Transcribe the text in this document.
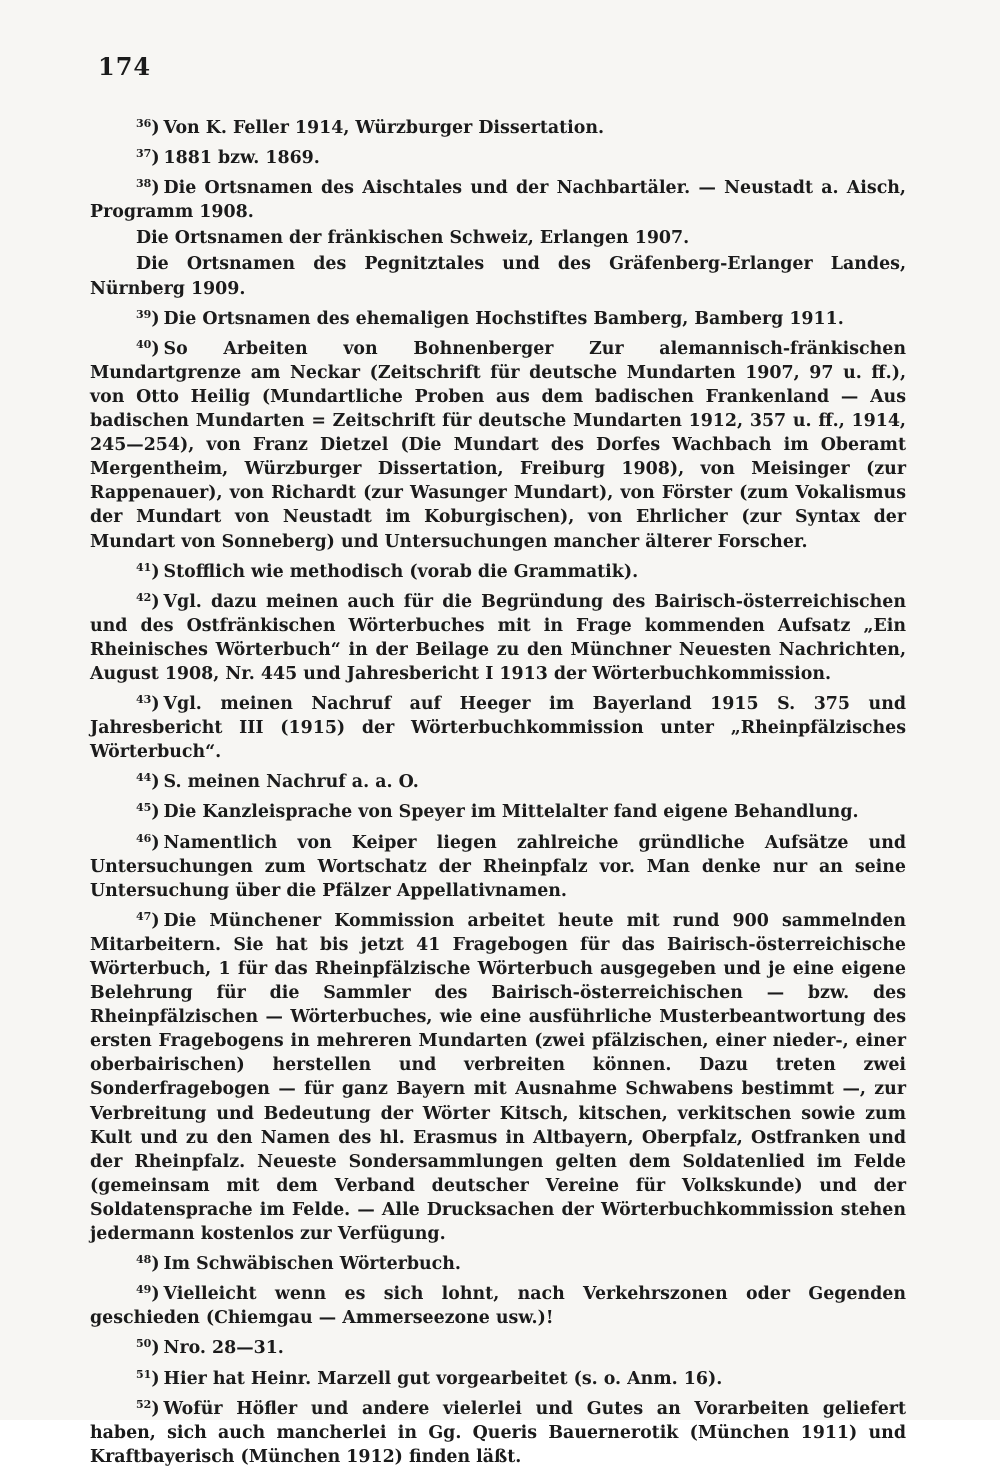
174

$^{36}$) Von K. Feller 1914, Würzburger Dissertation.

$^{37}$) 1881 bzw. 1869.

$^{38}$) Die Ortsnamen des Aischtales und der Nachbartäler. — Neustadt a. Aisch, Programm 1908.

Die Ortsnamen der fränkischen Schweiz, Erlangen 1907.

Die Ortsnamen des Pegnitztales und des Gräfenberg-Erlanger Landes, Nürnberg 1909.

$^{39}$) Die Ortsnamen des ehemaligen Hochstiftes Bamberg, Bamberg 1911.

$^{40}$) So Arbeiten von Bohnenberger Zur alemannisch-fränkischen Mundartgrenze am Neckar (Zeitschrift für deutsche Mundarten 1907, 97 u. ff.), von Otto Heilig (Mundartliche Proben aus dem badischen Frankenland — Aus badischen Mundarten = Zeitschrift für deutsche Mundarten 1912, 357 u. ff., 1914, 245—254), von Franz Dietzel (Die Mundart des Dorfes Wachbach im Oberamt Mergentheim, Würzburger Dissertation, Freiburg 1908), von Meisinger (zur Rappenauer), von Richardt (zur Wasunger Mundart), von Förster (zum Vokalismus der Mundart von Neustadt im Koburgischen), von Ehrlicher (zur Syntax der Mundart von Sonneberg) und Untersuchungen mancher älterer Forscher.

$^{41}$) Stofflich wie methodisch (vorab die Grammatik).

$^{42}$) Vgl. dazu meinen auch für die Begründung des Bairisch-österreichischen und des Ostfränkischen Wörterbuches mit in Frage kommenden Aufsatz „Ein Rheinisches Wörterbuch“ in der Beilage zu den Münchner Neuesten Nachrichten, August 1908, Nr. 445 und Jahresbericht I 1913 der Wörterbuchkommission.

$^{43}$) Vgl. meinen Nachruf auf Heeger im Bayerland 1915 S. 375 und Jahresbericht III (1915) der Wörterbuchkommission unter „Rheinpfälzisches Wörterbuch“.

$^{44}$) S. meinen Nachruf a. a. O.

$^{45}$) Die Kanzleisprache von Speyer im Mittelalter fand eigene Behandlung.

$^{46}$) Namentlich von Keiper liegen zahlreiche gründliche Aufsätze und Untersuchungen zum Wortschatz der Rheinpfalz vor. Man denke nur an seine Untersuchung über die Pfälzer Appellativnamen.

$^{47}$) Die Münchener Kommission arbeitet heute mit rund 900 sammelnden Mitarbeitern. Sie hat bis jetzt 41 Fragebogen für das Bairisch-österreichische Wörterbuch, 1 für das Rheinpfälzische Wörterbuch ausgegeben und je eine eigene Belehrung für die Sammler des Bairisch-österreichischen — bzw. des Rheinpfälzischen — Wörterbuches, wie eine ausführliche Musterbeantwortung des ersten Fragebogens in mehreren Mundarten (zwei pfälzischen, einer nieder-, einer oberbairischen) herstellen und verbreiten können. Dazu treten zwei Sonderfragebogen — für ganz Bayern mit Ausnahme Schwabens bestimmt —, zur Verbreitung und Bedeutung der Wörter Kitsch, kitschen, verkitschen sowie zum Kult und zu den Namen des hl. Erasmus in Altbayern, Oberpfalz, Ostfranken und der Rheinpfalz. Neueste Sondersammlungen gelten dem Soldatenlied im Felde (gemeinsam mit dem Verband deutscher Vereine für Volkskunde) und der Soldatensprache im Felde. — Alle Drucksachen der Wörterbuchkommission stehen jedermann kostenlos zur Verfügung.

$^{48}$) Im Schwäbischen Wörterbuch.

$^{49}$) Vielleicht wenn es sich lohnt, nach Verkehrszonen oder Gegenden geschieden (Chiemgau — Ammerseezone usw.)!

$^{50}$) Nro. 28—31.

$^{51}$) Hier hat Heinr. Marzell gut vorgearbeitet (s. o. Anm. 16).

$^{52}$) Wofür Höfler und andere vielerlei und Gutes an Vorarbeiten geliefert haben, sich auch mancherlei in Gg. Queris Bauernerotik (München 1911) und Kraftbayerisch (München 1912) finden läßt.
